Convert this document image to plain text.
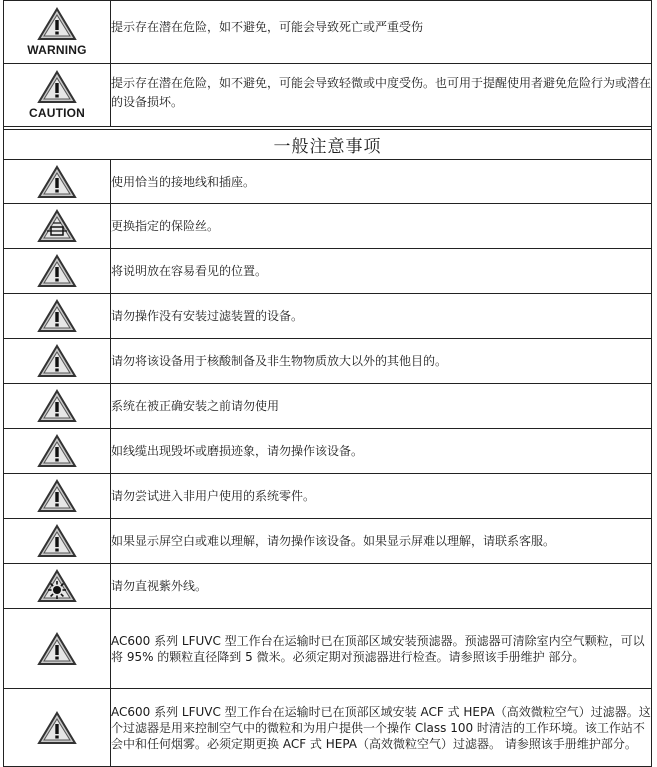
WARNING	提示存在潜在危险，如不避免，可能会导致死亡或严重受伤

CAUTION	提示存在潜在危险，如不避免，可能会导致轻微或中度受伤。也可用于提醒使用者避免危险行为或潜在的设备损坏。

一般注意事项	

	使用恰当的接地线和插座。

	更换指定的保险丝。

	将说明放在容易看见的位置。

	请勿操作没有安装过滤装置的设备。

	请勿将该设备用于核酸制备及非生物物质放大以外的其他目的。

	系统在被正确安装之前请勿使用

	如线缆出现毁坏或磨损迹象，请勿操作该设备。

	请勿尝试进入非用户使用的系统零件。

	如果显示屏空白或难以理解，请勿操作该设备。如果显示屏难以理解，请联系客服。

	请勿直视紫外线。

	AC600 系列 LFUVC 型工作台在运输时已在顶部区域安装预滤器。预滤器可清除室内空气颗粒，可以将 95% 的颗粒直径降到 5 微米。必须定期对预滤器进行检查。请参照该手册维护 部分。

	AC600 系列 LFUVC 型工作台在运输时已在顶部区域安装 ACF 式 HEPA（高效微粒空气）过滤器。这个过滤器是用来控制空气中的微粒和为用户提供一个操作 Class 100 时清洁的工作环境。该工作站不会中和任何烟雾。必须定期更换 ACF 式 HEPA（高效微粒空气）过滤器。 请参照该手册维护部分。
